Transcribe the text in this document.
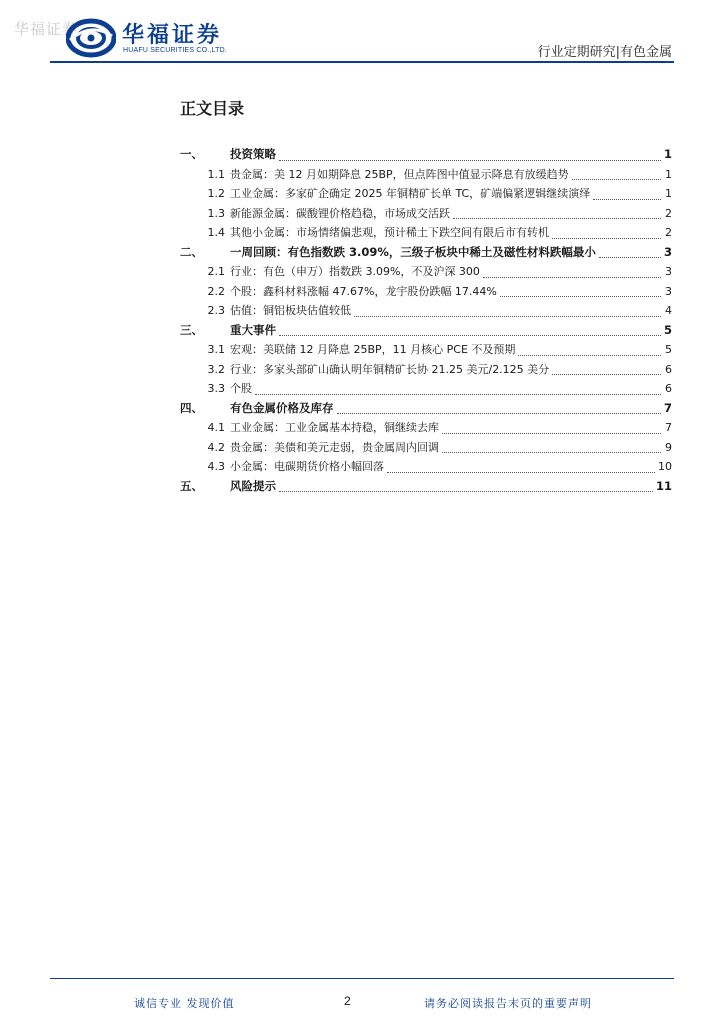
华福证券 华福证券
HUAFU SECURITIES CO.,LTD.	行业定期研究|有色金属
正文目录
一、	投资策略	1
1.1 贵金属：美 12 月如期降息 25BP，但点阵图中值显示降息有放缓趋势	1
1.2 工业金属：多家矿企确定 2025 年铜精矿长单 TC，矿端偏紧逻辑继续演绎	1
1.3 新能源金属：碳酸锂价格趋稳，市场成交活跃	2
1.4 其他小金属：市场情绪偏悲观，预计稀土下跌空间有限后市有转机	2
二、	一周回顾：有色指数跌 3.09%，三级子板块中稀土及磁性材料跌幅最小	3
2.1 行业：有色（申万）指数跌 3.09%，不及沪深 300	3
2.2 个股：鑫科材料涨幅 47.67%，龙宇股份跌幅 17.44%	3
2.3 估值：铜铝板块估值较低	4
三、	重大事件	5
3.1 宏观：美联储 12 月降息 25BP，11 月核心 PCE 不及预期	5
3.2 行业：多家头部矿山确认明年铜精矿长协 21.25 美元/2.125 美分	6
3.3 个股	6
四、	有色金属价格及库存	7
4.1 工业金属：工业金属基本持稳，铜继续去库	7
4.2 贵金属：美债和美元走弱，贵金属周内回调	9
4.3 小金属：电碳期货价格小幅回落	10
五、	风险提示	11
诚信专业 发现价值	2	请务必阅读报告末页的重要声明
